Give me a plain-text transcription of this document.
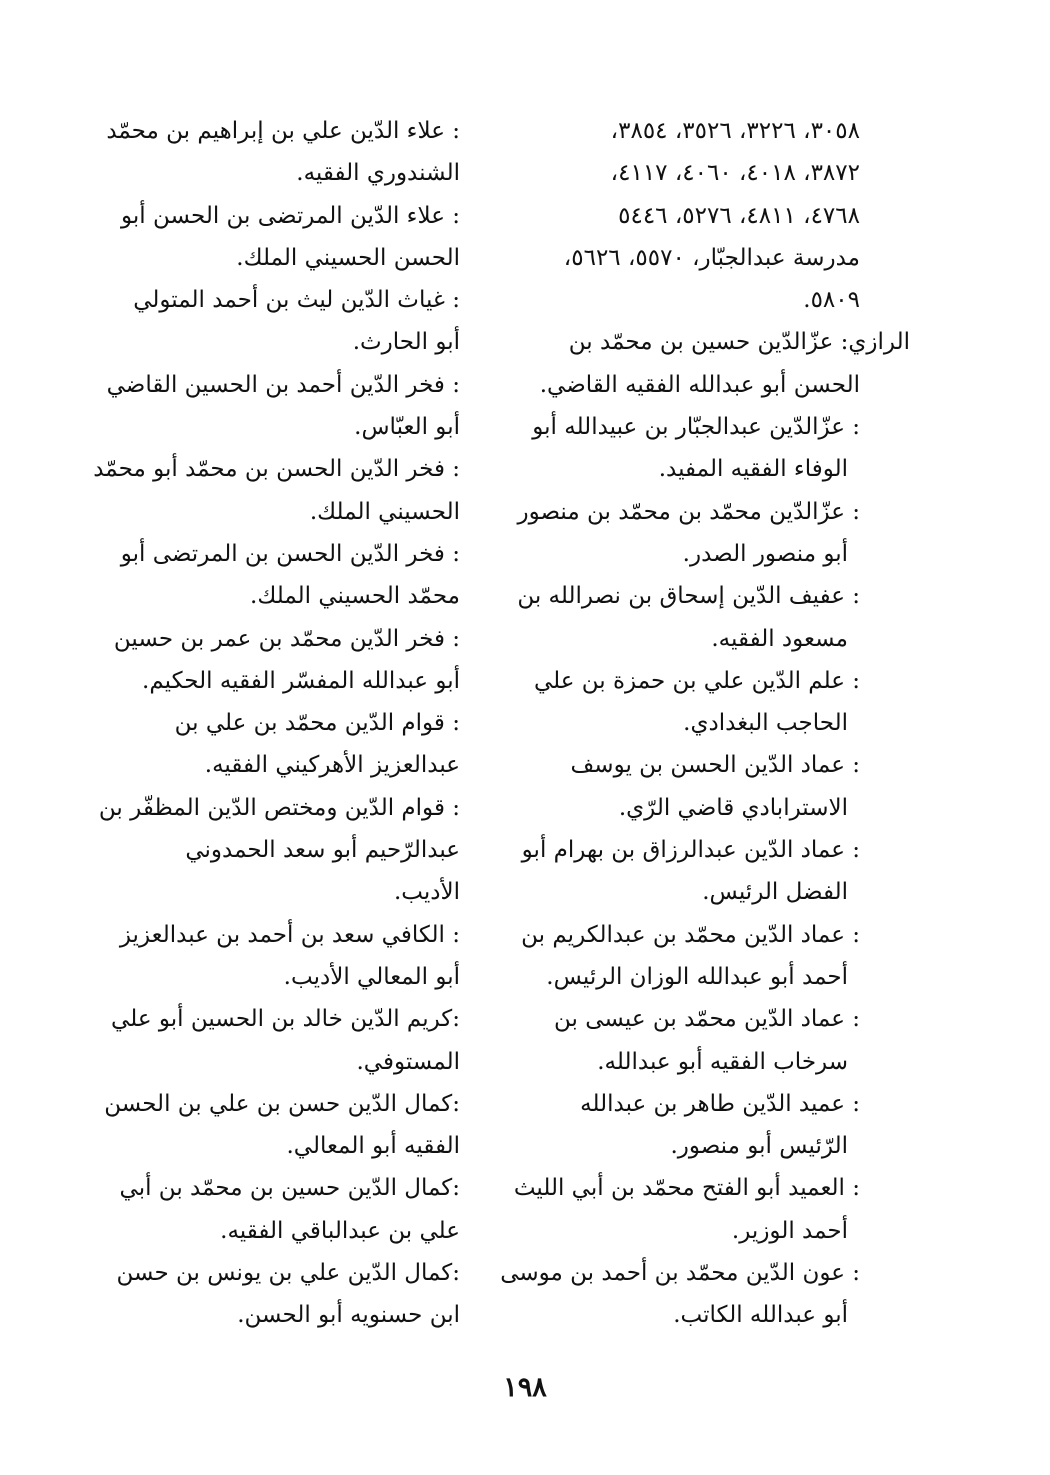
٣٠٥٨، ٣٢٢٦، ٣٥٢٦، ٣٨٥٤،
٣٨٧٢، ٤٠١٨، ٤٠٦٠، ٤١١٧،
٤٧٦٨، ٤٨١١، ٥٢٧٦، ٥٤٤٦
مدرسة عبدالجبّار، ٥٥٧٠، ٥٦٢٦،
٥٨٠٩.
الرازي: عزّالدّين حسين بن محمّد بن
الحسن أبو عبدالله الفقيه القاضي.
: عزّالدّين عبدالجبّار بن عبيدالله أبو
الوفاء الفقيه المفيد.
: عزّالدّين محمّد بن محمّد بن منصور
أبو منصور الصدر.
: عفيف الدّين إسحاق بن نصرالله بن
مسعود الفقيه.
: علم الدّين علي بن حمزة بن علي
الحاجب البغدادي.
: عماد الدّين الحسن بن يوسف
الاسترابادي قاضي الرّي.
: عماد الدّين عبدالرزاق بن بهرام أبو
الفضل الرئيس.
: عماد الدّين محمّد بن عبدالكريم بن
أحمد أبو عبدالله الوزان الرئيس.
: عماد الدّين محمّد بن عيسى بن
سرخاب الفقيه أبو عبدالله.
: عميد الدّين طاهر بن عبدالله
الرّئيس أبو منصور.
: العميد أبو الفتح محمّد بن أبي الليث
أحمد الوزير.
: عون الدّين محمّد بن أحمد بن موسى
أبو عبدالله الكاتب.
: علاء الدّين علي بن إبراهيم بن محمّد
الشندوري الفقيه.
: علاء الدّين المرتضى بن الحسن أبو
الحسن الحسيني الملك.
: غياث الدّين ليث بن أحمد المتولي
أبو الحارث.
: فخر الدّين أحمد بن الحسين القاضي
أبو العبّاس.
: فخر الدّين الحسن بن محمّد أبو محمّد
الحسيني الملك.
: فخر الدّين الحسن بن المرتضى أبو
محمّد الحسيني الملك.
: فخر الدّين محمّد بن عمر بن حسين
أبو عبدالله المفسّر الفقيه الحكيم.
: قوام الدّين محمّد بن علي بن
عبدالعزيز الأهركيني الفقيه.
: قوام الدّين ومختص الدّين المظفّر بن
عبدالرّحيم أبو سعد الحمدوني
الأديب.
: الكافي سعد بن أحمد بن عبدالعزيز
أبو المعالي الأديب.
:كريم الدّين خالد بن الحسين أبو علي
المستوفي.
:كمال الدّين حسن بن علي بن الحسن
الفقيه أبو المعالي.
:كمال الدّين حسين بن محمّد بن أبي
علي بن عبدالباقي الفقيه.
:كمال الدّين علي بن يونس بن حسن
ابن حسنويه أبو الحسن.
١٩٨
